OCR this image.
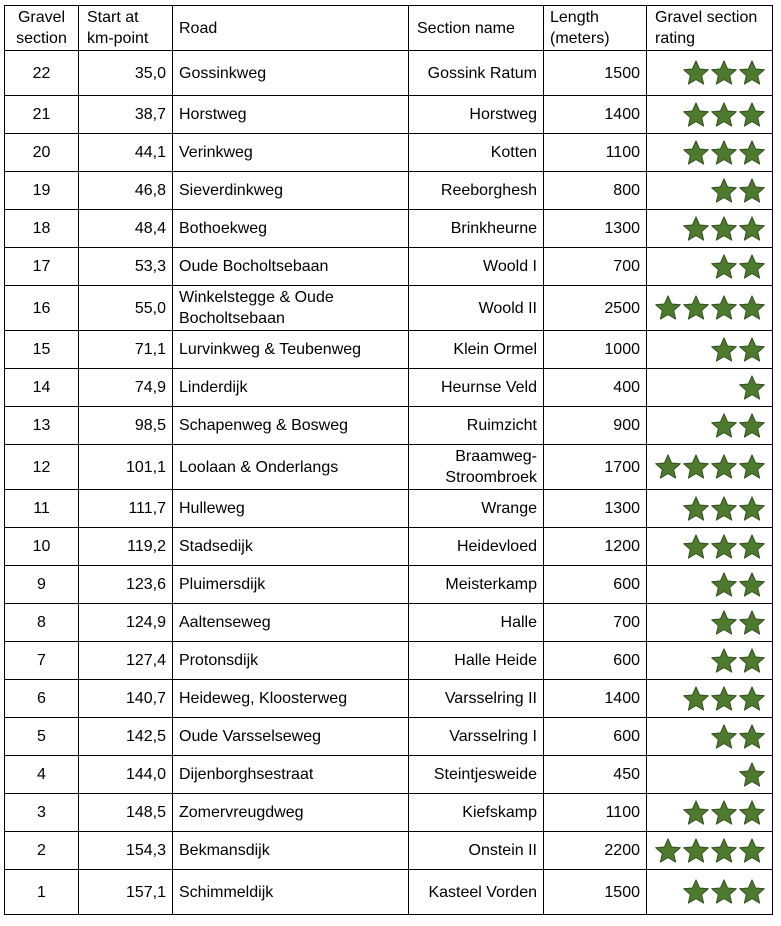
Gravel section	Start at km-point	Road	Section name	Length (meters)	Gravel section rating
22	35,0	Gossinkweg	Gossink Ratum	1500	

21	38,7	Horstweg	Horstweg	1400	

20	44,1	Verinkweg	Kotten	1100	

19	46,8	Sieverdinkweg	Reeborghesh	800	

18	48,4	Bothoekweg	Brinkheurne	1300	

17	53,3	Oude Bocholtsebaan	Woold I	700	

16	55,0	Winkelstegge & Oude Bocholtsebaan	Woold II	2500	

15	71,1	Lurvinkweg & Teubenweg	Klein Ormel	1000	

14	74,9	Linderdijk	Heurnse Veld	400	

13	98,5	Schapenweg & Bosweg	Ruimzicht	900	

12	101,1	Loolaan & Onderlangs	Braamweg- Stroombroek	1700	

11	111,7	Hulleweg	Wrange	1300	

10	119,2	Stadsedijk	Heidevloed	1200	

9	123,6	Pluimersdijk	Meisterkamp	600	

8	124,9	Aaltenseweg	Halle	700	

7	127,4	Protonsdijk	Halle Heide	600	

6	140,7	Heideweg, Kloosterweg	Varsselring II	1400	

5	142,5	Oude Varsselseweg	Varsselring I	600	

4	144,0	Dijenborghsestraat	Steintjesweide	450	

3	148,5	Zomervreugdweg	Kiefskamp	1100	

2	154,3	Bekmansdijk	Onstein II	2200	

1	157,1	Schimmeldijk	Kasteel Vorden	1500	
